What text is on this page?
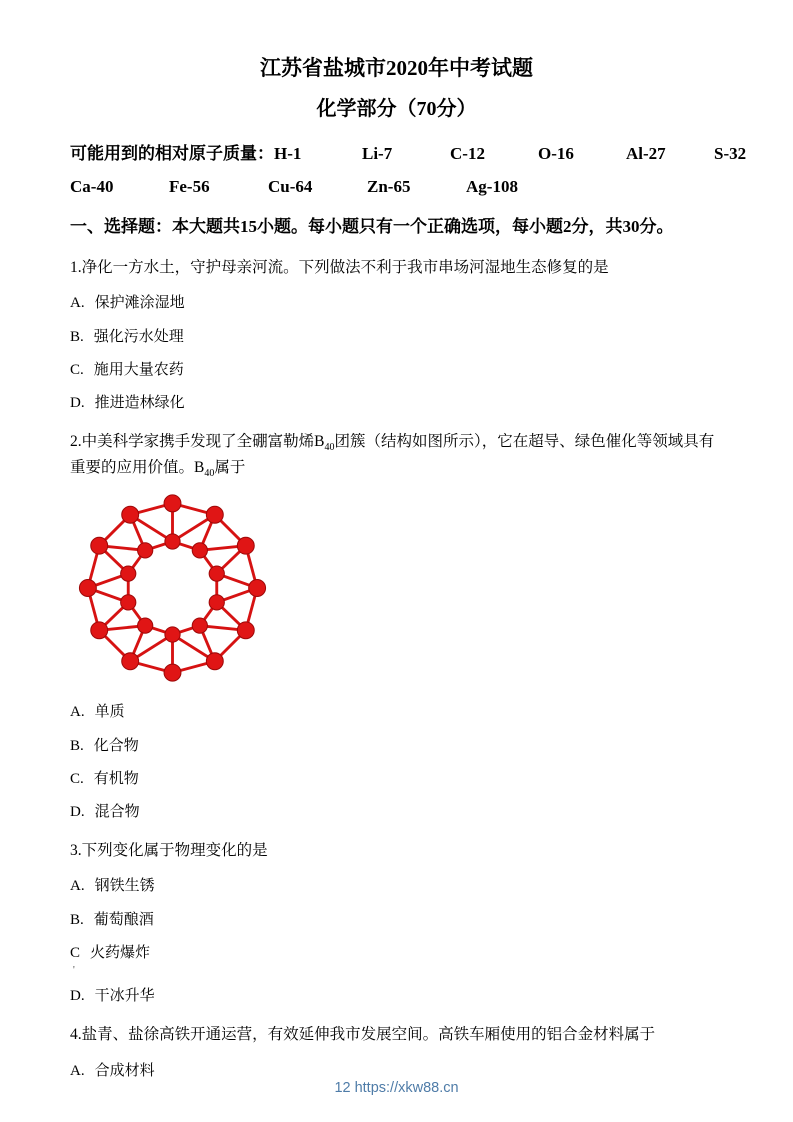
江苏省盐城市2020年中考试题
化学部分（70分）
可能用到的相对原子质量：H-1	Li-7	C-12	O-16	Al-27	S-32
Ca-40	Fe-56	Cu-64	Zn-65	Ag-108
一、选择题：本大题共15小题。每小题只有一个正确选项，每小题2分，共30分。
1.净化一方水土，守护母亲河流。下列做法不利于我市串场河湿地生态修复的是
A. 保护滩涂湿地
B. 强化污水处理
C. 施用大量农药
D. 推进造林绿化
2.中美科学家携手发现了全硼富勒烯$B_{40}$团簇（结构如图所示），它在超导、绿色催化等领域具有重要的应用价值。$B_{40}$属于
A. 单质
B. 化合物
C. 有机物
D. 混合物
3.下列变化属于物理变化的是
A. 钢铁生锈
B. 葡萄酿酒
C 火药爆炸
'
D. 干冰升华
4.盐青、盐徐高铁开通运营，有效延伸我市发展空间。高铁车厢使用的铝合金材料属于
A. 合成材料
12 https://xkw88.cn
